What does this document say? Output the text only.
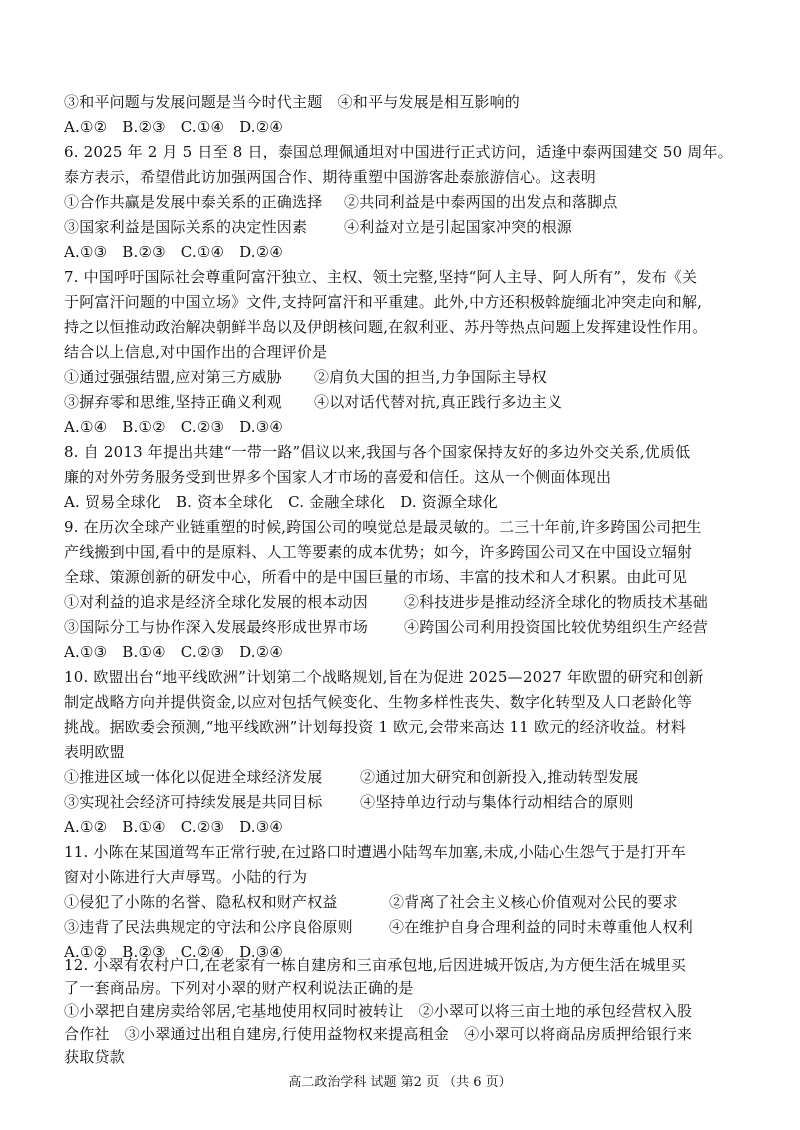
③和平问题与发展问题是当今时代主题　④和平与发展是相互影响的
A.①② B.②③ C.①④ D.②④
6. 2025 年 2 月 5 日至 8 日，泰国总理佩通坦对中国进行正式访问，适逢中泰两国建交 50 周年。
泰方表示，希望借此访加强两国合作、期待重塑中国游客赴泰旅游信心。这表明
①合作共赢是发展中泰关系的正确选择 ②共同利益是中泰两国的出发点和落脚点
③国家利益是国际关系的决定性因素 ④利益对立是引起国家冲突的根源
A.①③ B.②③ C.①④ D.②④
7. 中国呼吁国际社会尊重阿富汗独立、主权、领土完整,坚持“阿人主导、阿人所有”，发布《关
于阿富汗问题的中国立场》文件,支持阿富汗和平重建。此外,中方还积极斡旋缅北冲突走向和解,
持之以恒推动政治解决朝鲜半岛以及伊朗核问题,在叙利亚、苏丹等热点问题上发挥建设性作用。
结合以上信息,对中国作出的合理评价是
①通过强强结盟,应对第三方威胁 ②肩负大国的担当,力争国际主导权
③摒弃零和思维,坚持正确义利观 ④以对话代替对抗,真正践行多边主义
A.①④ B.①② C.②③ D.③④
8. 自 2013 年提出共建“一带一路”倡议以来,我国与各个国家保持友好的多边外交关系,优质低
廉的对外劳务服务受到世界多个国家人才市场的喜爱和信任。这从一个侧面体现出
A. 贸易全球化 B. 资本全球化 C. 金融全球化 D. 资源全球化
9. 在历次全球产业链重塑的时候,跨国公司的嗅觉总是最灵敏的。二三十年前,许多跨国公司把生
产线搬到中国,看中的是原料、人工等要素的成本优势；如今，许多跨国公司又在中国设立辐射
全球、策源创新的研发中心，所看中的是中国巨量的市场、丰富的技术和人才积累。由此可见
①对利益的追求是经济全球化发展的根本动因 ②科技进步是推动经济全球化的物质技术基础
③国际分工与协作深入发展最终形成世界市场 ④跨国公司利用投资国比较优势组织生产经营
A.①③ B.①④ C.②③ D.②④
10. 欧盟出台“地平线欧洲”计划第二个战略规划,旨在为促进 2025—2027 年欧盟的研究和创新
制定战略方向并提供资金,以应对包括气候变化、生物多样性丧失、数字化转型及人口老龄化等
挑战。据欧委会预测,“地平线欧洲”计划每投资 1 欧元,会带来高达 11 欧元的经济收益。材料
表明欧盟
①推进区域一体化以促进全球经济发展	②通过加大研究和创新投入,推动转型发展
③实现社会经济可持续发展是共同目标	④坚持单边行动与集体行动相结合的原则
A.①② B.①④ C.②③ D.③④
11. 小陈在某国道驾车正常行驶,在过路口时遭遇小陆驾车加塞,未成,小陆心生怨气于是打开车
窗对小陈进行大声辱骂。小陆的行为
①侵犯了小陈的名誉、隐私权和财产权益	②背离了社会主义核心价值观对公民的要求
③违背了民法典规定的守法和公序良俗原则 ④在维护自身合理利益的同时未尊重他人权利
A.①② B.②③ C.②④ D.③④
12. 小翠有农村户口,在老家有一栋自建房和三亩承包地,后因进城开饭店,为方便生活在城里买
了一套商品房。下列对小翠的财产权利说法正确的是
①小翠把自建房卖给邻居,宅基地使用权同时被转让　②小翠可以将三亩土地的承包经营权入股
合作社　③小翠通过出租自建房,行使用益物权来提高租金　④小翠可以将商品房质押给银行来
高二政治学科 试题 第2 页 （共 6 页）
获取贷款
